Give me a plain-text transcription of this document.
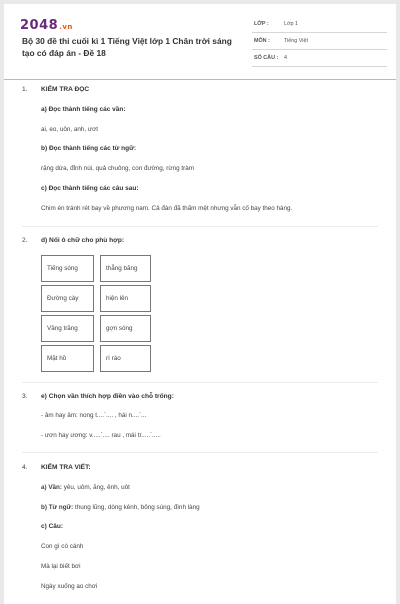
2048.vn
Bộ 30 đề thi cuối kì 1 Tiếng Việt lớp 1 Chân trời sáng tạo có đáp án - Đề 18
LỚP :	Lớp 1
MÔN :	Tiếng Việt
SỐ CÂU : 4
1. KIỂM TRA ĐỌC
a) Đọc thành tiếng các vần:
ai, eo, uôn, anh, ươt
b) Đọc thành tiếng các từ ngữ:
rặng dừa, đỉnh núi, quả chuông, con đường, rừng tràm
c) Đọc thành tiếng các câu sau:
Chim én tránh rét bay về phương nam. Cả đàn đã thấm mệt nhưng vẫn cố bay theo hàng.
2. d) Nối ô chữ cho phù hợp:
Tiếng sóng
Đường cày
Vầng trăng
Mặt hồ
thẳng băng
hiện lên
gợn sóng
rì rào
3. e) Chọn vần thích hợp điền vào chỗ trống:
- âm hay âm: nong t....`.... , hái n....`...
- ươn hay ương: v.....`.... rau , mái tr.....`.....
4. KIỂM TRA VIẾT:
a) Vần: yêu, uôm, ăng, ênh, uôt
b) Từ ngữ: thung lũng, dòng kênh, bông súng, đình làng
c) Câu:
Con gì có cánh
Mà lại biết bơi
Ngày xuống ao chơi
